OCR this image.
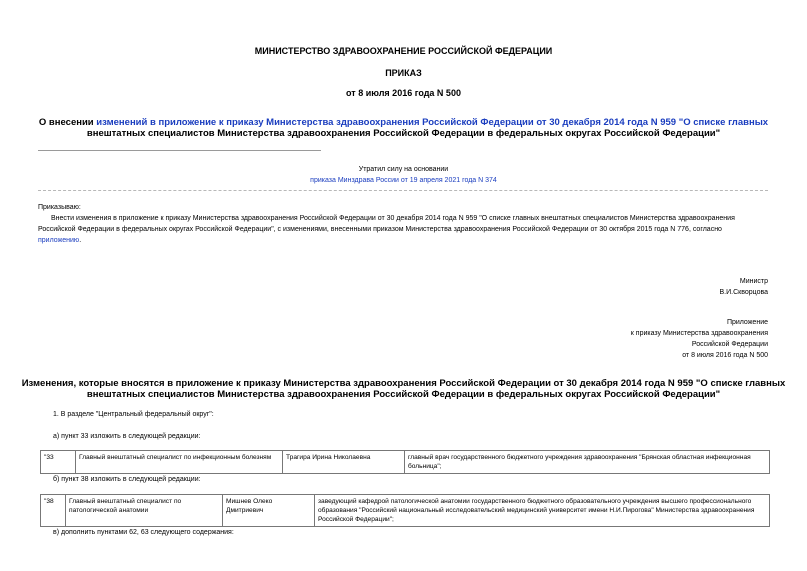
МИНИСТЕРСТВО ЗДРАВООХРАНЕНИЕ РОССИЙСКОЙ ФЕДЕРАЦИИ
ПРИКАЗ
от 8 июля 2016 года N 500
О внесении изменений в приложение к приказу Министерства здравоохранения Российской Федерации от 30 декабря 2014 года N 959 "О списке главных
внештатных специалистов Министерства здравоохранения Российской Федерации в федеральных округах Российской Федерации"
Утратил силу на основании
приказа Минздрава России от 19 апреля 2021 года N 374
Приказываю:
Внести изменения в приложение к приказу Министерства здравоохранения Российской Федерации от 30 декабря 2014 года N 959 "О списке главных внештатных специалистов Министерства здравоохранения
Российской Федерации в федеральных округах Российской Федерации", с изменениями, внесенными приказом Министерства здравоохранения Российской Федерации от 30 октября 2015 года N 776, согласно
приложению.
Министр
В.И.Скворцова
Приложение
к приказу Министерства здравоохранения
Российской Федерации
от 8 июля 2016 года N 500
Изменения, которые вносятся в приложение к приказу Министерства здравоохранения Российской Федерации от 30 декабря 2014 года N 959 "О списке главных
внештатных специалистов Министерства здравоохранения Российской Федерации в федеральных округах Российской Федерации"
1. В разделе "Центральный федеральный округ":
а) пункт 33 изложить в следующей редакции:
"33	Главный внештатный специалист по инфекционным болезням	Трагира Ирина Николаевна	главный врач государственного бюджетного учреждения здравоохранения "Брянская областная инфекционная больница";
б) пункт 38 изложить в следующей редакции:
"38	Главный внештатный специалист по патологической анатомии	Мишнев Олеко Дмитриевич	заведующий кафедрой патологической анатомии государственного бюджетного образовательного учреждения высшего профессионального образования "Российский национальный исследовательский медицинский университет имени Н.И.Пирогова" Министерства здравоохранения Российской Федерации";
в) дополнить пунктами 62, 63 следующего содержания:
